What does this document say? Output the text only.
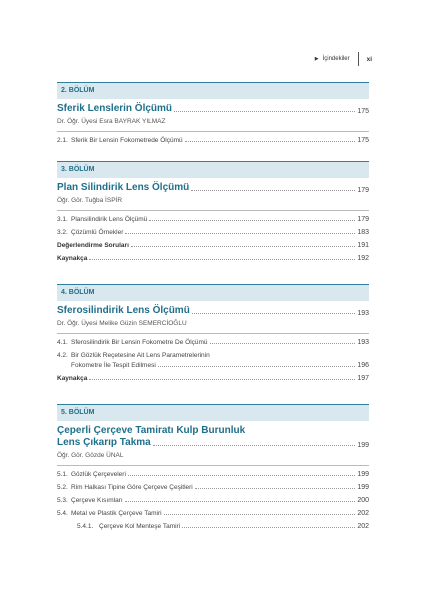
▶ İçindekiler	xi
2. BÖLÜM
Sferik Lenslerin Ölçümü	175
Dr. Öğr. Üyesi Esra BAYRAK YILMAZ
2.1. Sferik Bir Lensin Fokometrede Ölçümü	175
3. BÖLÜM
Plan Silindirik Lens Ölçümü	179
Öğr. Gör. Tuğba İSPİR
3.1. Plansilindirik Lens Ölçümü	179
3.2. Çözümlü Örnekler	183
Değerlendirme Soruları	191
Kaynakça	192
4. BÖLÜM
Sferosilindirik Lens Ölçümü	193
Dr. Öğr. Üyesi Melike Güzin SEMERCİOĞLU
4.1. Sferosilindirik Bir Lensin Fokometre De Ölçümü	193
4.2. Bir Gözlük Reçetesine Ait Lens Parametrelerinin
Fokometre İle Tespit Edilmesi	196
Kaynakça	197
5. BÖLÜM
Çeperli Çerçeve Tamiratı Kulp Burunluk
Lens Çıkarıp Takma	199
Öğr. Gör. Gözde ÜNAL
5.1. Gözlük Çerçeveleri	199
5.2. Rim Halkası Tipine Göre Çerçeve Çeşitleri	199
5.3. Çerçeve Kısımları	200
5.4. Metal ve Plastik Çerçeve Tamiri	202
5.4.1. Çerçeve Kol Menteşe Tamiri	202
